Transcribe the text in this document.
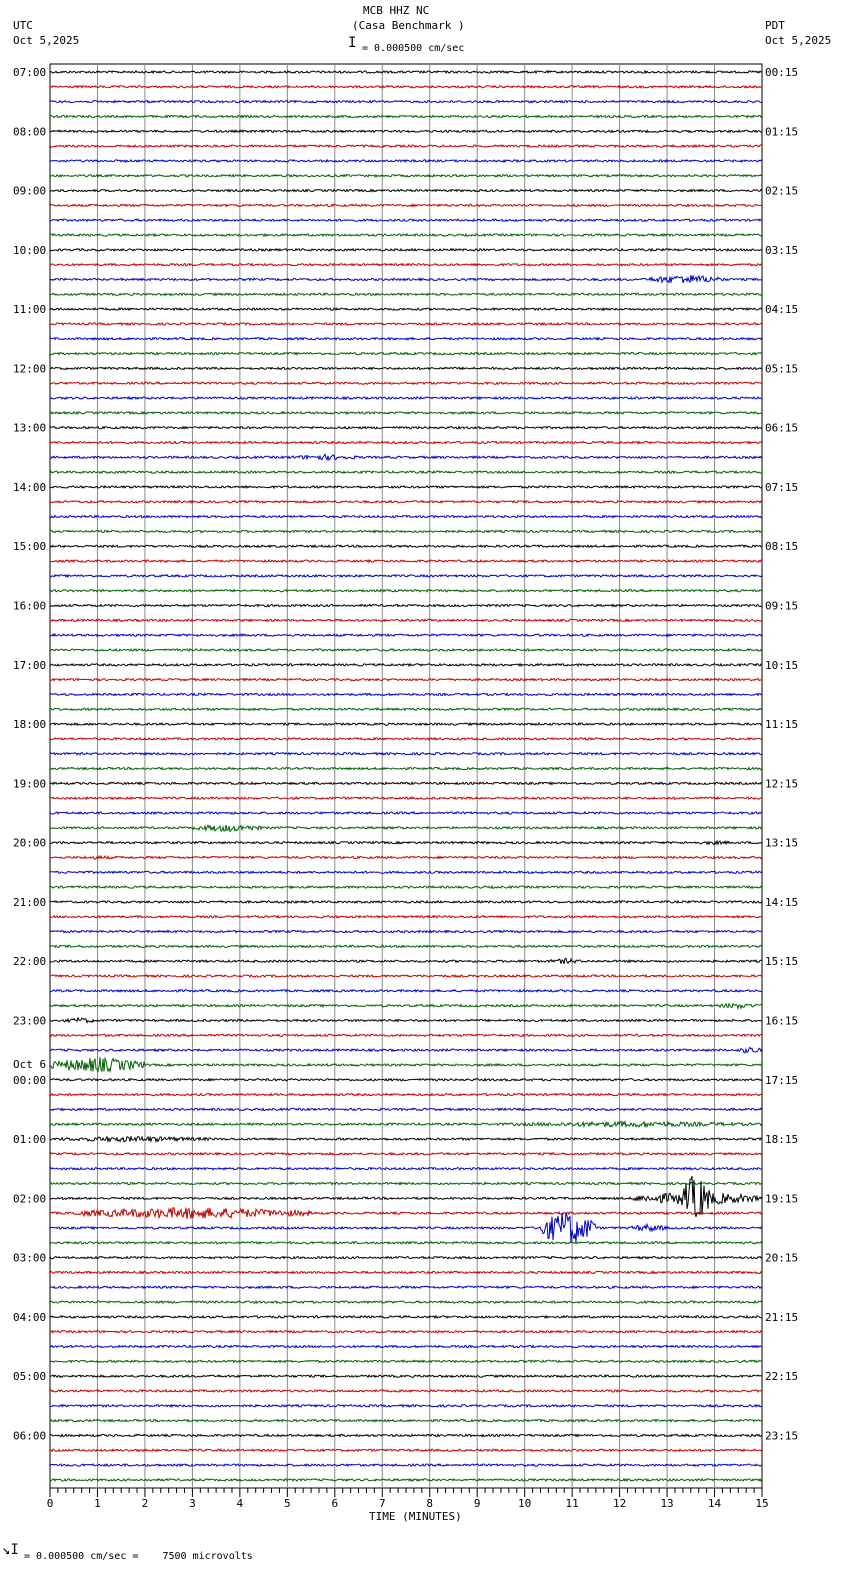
MCB HHZ NC
(Casa Benchmark )
I = 0.000500 cm/sec
UTC
Oct 5,2025
PDT
Oct 5,2025
07:00
08:00
09:00
10:00
11:00
12:00
13:00
14:00
15:00
16:00
17:00
18:00
19:00
20:00
21:00
22:00
23:00
Oct 6
00:00
01:00
02:00
03:00
04:00
05:00
06:00
00:15
01:15
02:15
03:15
04:15
05:15
06:15
07:15
08:15
09:15
10:15
11:15
12:15
13:15
14:15
15:15
16:15
17:15
18:15
19:15
20:15
21:15
22:15
23:15
0	1	2	3	4	5	6	7	8	9	10	11	12	13	14	15
TIME (MINUTES)
↘I = 0.000500 cm/sec =    7500 microvolts
